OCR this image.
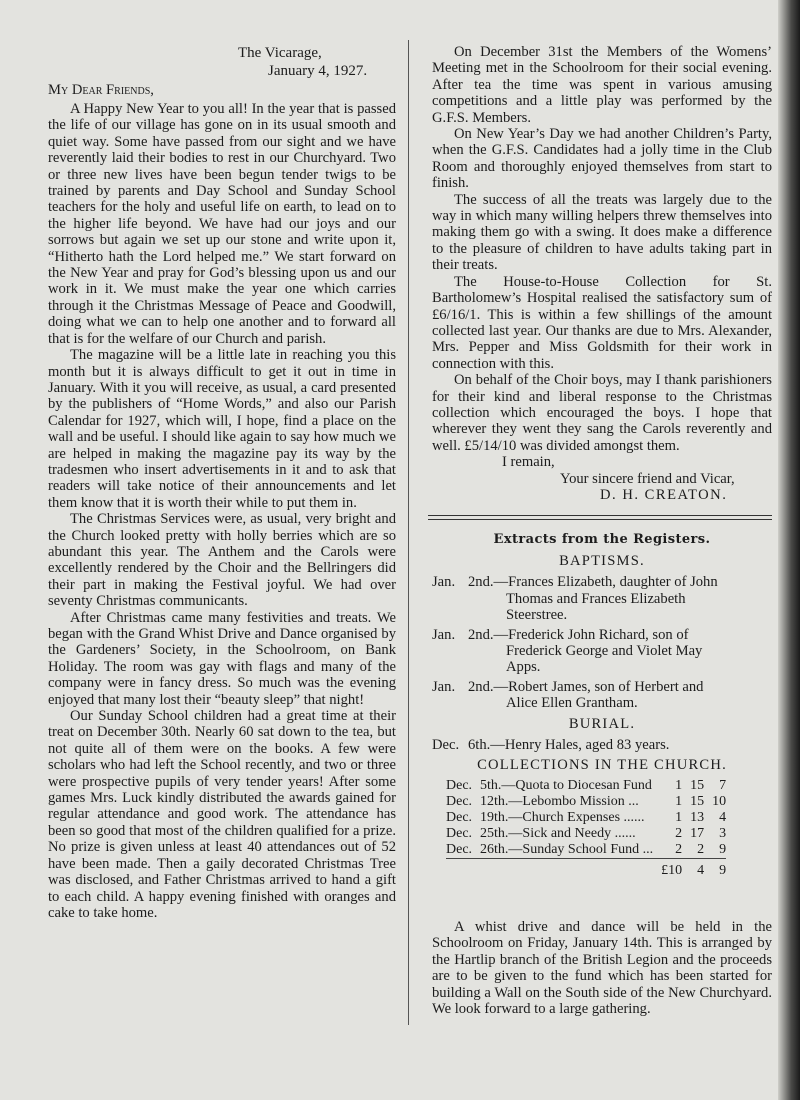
The Vicarage,
January 4, 1927.

My Dear Friends,

A Happy New Year to you all! In the year that is passed the life of our village has gone on in its usual smooth and quiet way. Some have passed from our sight and we have reverently laid their bodies to rest in our Churchyard. Two or three new lives have been begun tender twigs to be trained by parents and Day School and Sunday School teachers for the holy and useful life on earth, to lead on to the higher life beyond. We have had our joys and our sorrows but again we set up our stone and write upon it, “Hitherto hath the Lord helped me.” We start forward on the New Year and pray for God’s blessing upon us and our work in it. We must make the year one which carries through it the Christmas Message of Peace and Goodwill, doing what we can to help one another and to forward all that is for the welfare of our Church and parish.

The magazine will be a little late in reaching you this month but it is always difficult to get it out in time in January. With it you will receive, as usual, a card presented by the publishers of “Home Words,” and also our Parish Calendar for 1927, which will, I hope, find a place on the wall and be useful. I should like again to say how much we are helped in making the magazine pay its way by the tradesmen who insert advertisements in it and to ask that readers will take notice of their announcements and let them know that it is worth their while to put them in.

The Christmas Services were, as usual, very bright and the Church looked pretty with holly berries which are so abundant this year. The Anthem and the Carols were excellently rendered by the Choir and the Bellringers did their part in making the Festival joyful. We had over seventy Christmas communicants.

After Christmas came many festivities and treats. We began with the Grand Whist Drive and Dance organised by the Gardeners’ Society, in the Schoolroom, on Bank Holiday. The room was gay with flags and many of the company were in fancy dress. So much was the evening enjoyed that many lost their “beauty sleep” that night!

Our Sunday School children had a great time at their treat on December 30th. Nearly 60 sat down to the tea, but not quite all of them were on the books. A few were scholars who had left the School recently, and two or three were prospective pupils of very tender years! After some games Mrs. Luck kindly distributed the awards gained for regular attendance and good work. The attendance has been so good that most of the children qualified for a prize. No prize is given unless at least 40 attendances out of 52 have been made. Then a gaily decorated Christmas Tree was disclosed, and Father Christmas arrived to hand a gift to each child. A happy evening finished with oranges and cake to take home.

On December 31st the Members of the Womens’ Meeting met in the Schoolroom for their social evening. After tea the time was spent in various amusing competitions and a little play was performed by the G.F.S. Members.

On New Year’s Day we had another Children’s Party, when the G.F.S. Candidates had a jolly time in the Club Room and thoroughly enjoyed themselves from start to finish.

The success of all the treats was largely due to the way in which many willing helpers threw themselves into making them go with a swing. It does make a difference to the pleasure of children to have adults taking part in their treats.

The House-to-House Collection for St. Bartholomew’s Hospital realised the satisfactory sum of £6/16/1. This is within a few shillings of the amount collected last year. Our thanks are due to Mrs. Alexander, Mrs. Pepper and Miss Goldsmith for their work in connection with this.

On behalf of the Choir boys, may I thank parishioners for their kind and liberal response to the Christmas collection which encouraged the boys. I hope that wherever they went they sang the Carols reverently and well. £5/14/10 was divided amongst them.

I remain,

Your sincere friend and Vicar,

D. H. CREATON.

Extracts from the Registers.
BAPTISMS.
Jan. 2nd.—Frances Elizabeth, daughter of John
Thomas and Frances Elizabeth
Steerstree.
Jan. 2nd.—Frederick John Richard, son of
Frederick George and Violet May
Apps.
Jan. 2nd.—Robert James, son of Herbert and
Alice Ellen Grantham.
BURIAL.
Dec. 6th.—Henry Hales, aged 83 years.
COLLECTIONS IN THE CHURCH.
Dec.	5th.—Quota to Diocesan Fund	1	15	7
Dec.	12th.—Lebombo Mission ...	1	15	10
Dec.	19th.—Church Expenses ......	1	13	4
Dec.	25th.—Sick and Needy ......	2	17	3
Dec.	26th.—Sunday School Fund ...	2	2	9
		£10	4	9

A whist drive and dance will be held in the Schoolroom on Friday, January 14th. This is arranged by the Hartlip branch of the British Legion and the proceeds are to be given to the fund which has been started for building a Wall on the South side of the New Churchyard. We look forward to a large gathering.
